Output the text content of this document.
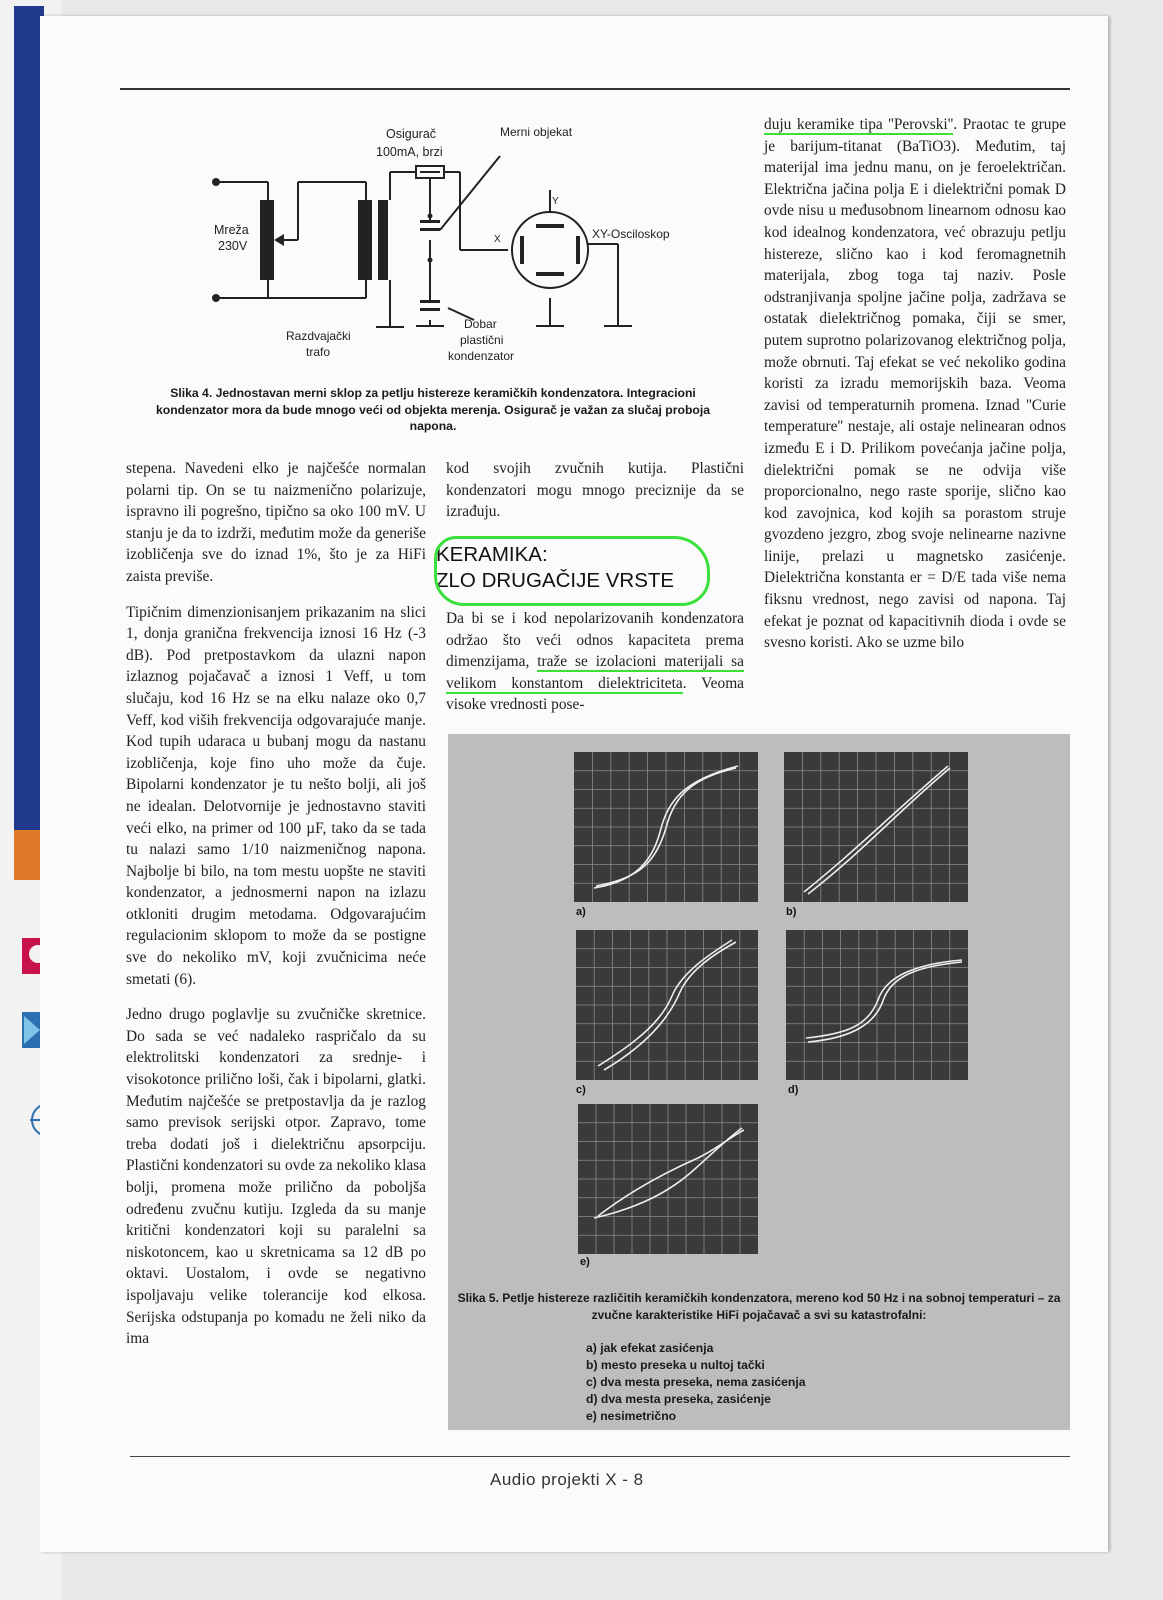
Osigurač
100mA, brzi
Merni objekat
Mreža
230V
Y
X	XY-Osciloskop
Razdvajački
trafo
Dobar
plastični
kondenzator
Slika 4. Jednostavan merni sklop za petlju histereze keramičkih kondenzatora. Integracioni kondenzator mora da bude mnogo veći od objekta merenja. Osigurač je važan za slučaj proboja napona.

stepena. Navedeni elko je najčešće normalan polarni tip. On se tu naizmenično polarizuje, ispravno ili pogrešno, tipično sa oko 100 mV. U stanju je da to izdrži, međutim može da generiše izobličenja sve do iznad 1%, što je za HiFi zaista previše.

Tipičnim dimenzionisanjem prikazanim na slici 1, donja granična frekvencija iznosi 16 Hz (-3 dB). Pod pretpostavkom da ulazni napon izlaznog pojačavač a iznosi 1 Veff, u tom slučaju, kod 16 Hz se na elku nalaze oko 0,7 Veff, kod viših frekvencija odgovarajuće manje. Kod tupih udaraca u bubanj mogu da nastanu izobličenja, koje fino uho može da čuje. Bipolarni kondenzator je tu nešto bolji, ali još ne idealan. Delotvornije je jednostavno staviti veći elko, na primer od 100 µF, tako da se tada tu nalazi samo 1/10 naizmeničnog napona. Najbolje bi bilo, na tom mestu uopšte ne staviti kondenzator, a jednosmerni napon na izlazu otkloniti drugim metodama. Odgovarajućim regulacionim sklopom to može da se postigne sve do nekoliko mV, koji zvučnicima neće smetati (6).

Jedno drugo poglavlje su zvučničke skretnice. Do sada se već nadaleko raspričalo da su elektrolitski kondenzatori za srednje- i visokotonce prilično loši, čak i bipolarni, glatki. Međutim najčešće se pretpostavlja da je razlog samo previsok serijski otpor. Zapravo, tome treba dodati još i dielektričnu apsorpciju. Plastični kondenzatori su ovde za nekoliko klasa bolji, promena može prilično da poboljša određenu zvučnu kutiju. Izgleda da su manje kritični kondenzatori koji su paralelni sa niskotoncem, kao u skretnicama sa 12 dB po oktavi. Uostalom, i ovde se negativno ispoljavaju velike tolerancije kod elkosa. Serijska odstupanja po komadu ne želi niko da ima

kod svojih zvučnih kutija. Plastični kondenzatori mogu mnogo preciznije da se izrađuju.

KERAMIKA:
ZLO DRUGAČIJE VRSTE

Da bi se i kod nepolarizovanih kondenzatora održao što veći odnos kapaciteta prema dimenzijama, traže se izolacioni materijali sa velikom konstantom dielektriciteta. Veoma visoke vrednosti pose-

duju keramike tipa ''Perovski''. Praotac te grupe je barijum-titanat (BaTiO3). Međutim, taj materijal ima jednu manu, on je feroelektričan. Električna jačina polja E i dielektrični pomak D ovde nisu u međusobnom linearnom odnosu kao kod idealnog kondenzatora, već obrazuju petlju histereze, slično kao i kod feromagnetnih materijala, zbog toga taj naziv. Posle odstranjivanja spoljne jačine polja, zadržava se ostatak dielektričnog pomaka, čiji se smer, putem suprotno polarizovanog električnog polja, može obrnuti. Taj efekat se već nekoliko godina koristi za izradu memorijskih baza. Veoma zavisi od temperaturnih promena. Iznad ''Curie temperature'' nestaje, ali ostaje nelinearan odnos između E i D. Prilikom povećanja jačine polja, dielektrični pomak se ne odvija više proporcionalno, nego raste sporije, slično kao kod zavojnica, kod kojih sa porastom struje gvozdeno jezgro, zbog svoje nelinearne nazivne linije, prelazi u magnetsko zasićenje. Dielektrična konstanta er = D/E tada više nema fiksnu vrednost, nego zavisi od napona. Taj efekat je poznat od kapacitivnih dioda i ovde se svesno koristi. Ako se uzme bilo

a)	b)
c)	d)
e)
Slika 5. Petlje histereze različitih keramičkih kondenzatora, mereno kod 50 Hz i na sobnoj temperaturi – za zvučne karakteristike HiFi pojačavač a svi su katastrofalni:
a) jak efekat zasićenja
b) mesto preseka u nultoj tački
c) dva mesta preseka, nema zasićenja
d) dva mesta preseka, zasićenje
e) nesimetrično
Audio projekti X - 8
